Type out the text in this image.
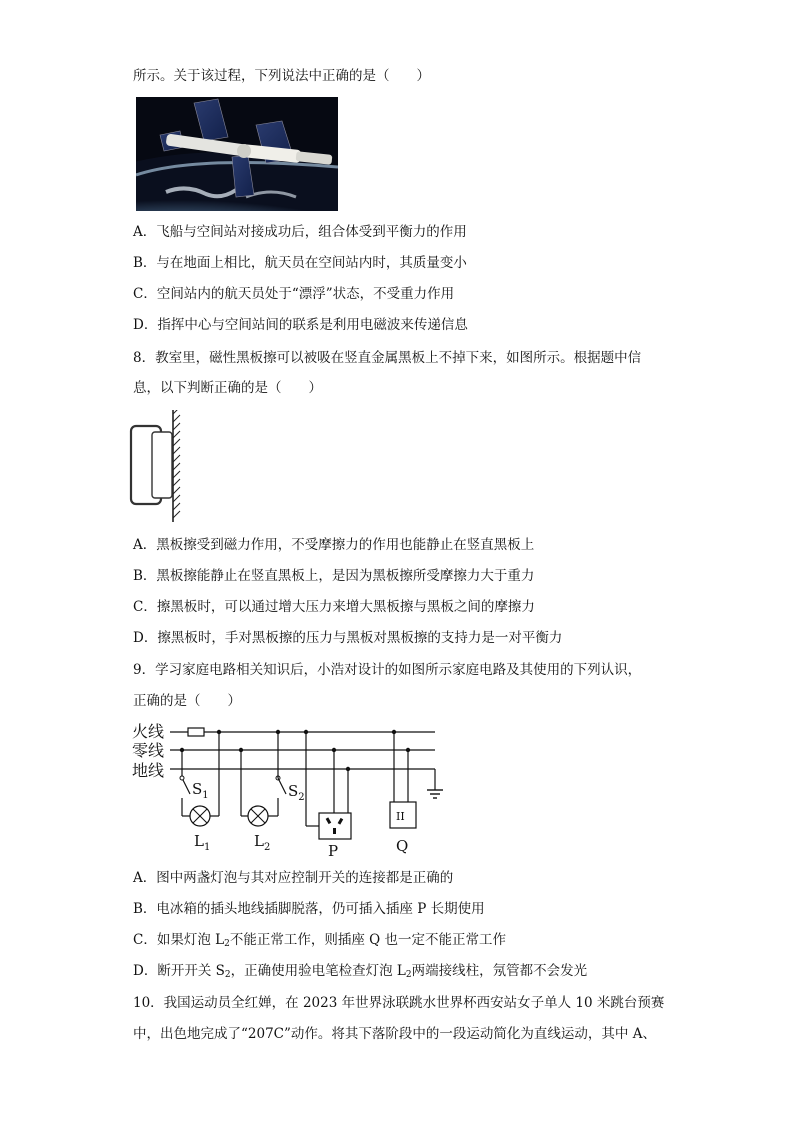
所示。关于该过程，下列说法中正确的是（　　）
A．飞船与空间站对接成功后，组合体受到平衡力的作用
B．与在地面上相比，航天员在空间站内时，其质量变小
C．空间站内的航天员处于“漂浮”状态，不受重力作用
D．指挥中心与空间站间的联系是利用电磁波来传递信息
8．教室里，磁性黑板擦可以被吸在竖直金属黑板上不掉下来，如图所示。根据题中信
息，以下判断正确的是（　　）
A．黑板擦受到磁力作用，不受摩擦力的作用也能静止在竖直黑板上
B．黑板擦能静止在竖直黑板上，是因为黑板擦所受摩擦力大于重力
C．擦黑板时，可以通过增大压力来增大黑板擦与黑板之间的摩擦力
D．擦黑板时，手对黑板擦的压力与黑板对黑板擦的支持力是一对平衡力
9．学习家庭电路相关知识后，小浩对设计的如图所示家庭电路及其使用的下列认识，
正确的是（　　）
火线
零线
地线
$S_1$
$L_1$
$S_2$
$L_2$	P
II
Q
A．图中两盏灯泡与其对应控制开关的连接都是正确的
B．电冰箱的插头地线插脚脱落，仍可插入插座 P 长期使用
C．如果灯泡 $L_2$不能正常工作，则插座 Q 也一定不能正常工作
D．断开开关 $S_2$，正确使用验电笔检查灯泡 $L_2$两端接线柱，氖管都不会发光
10．我国运动员全红婵，在 2023 年世界泳联跳水世界杯西安站女子单人 10 米跳台预赛
中，出色地完成了“207C”动作。将其下落阶段中的一段运动简化为直线运动，其中 A、
